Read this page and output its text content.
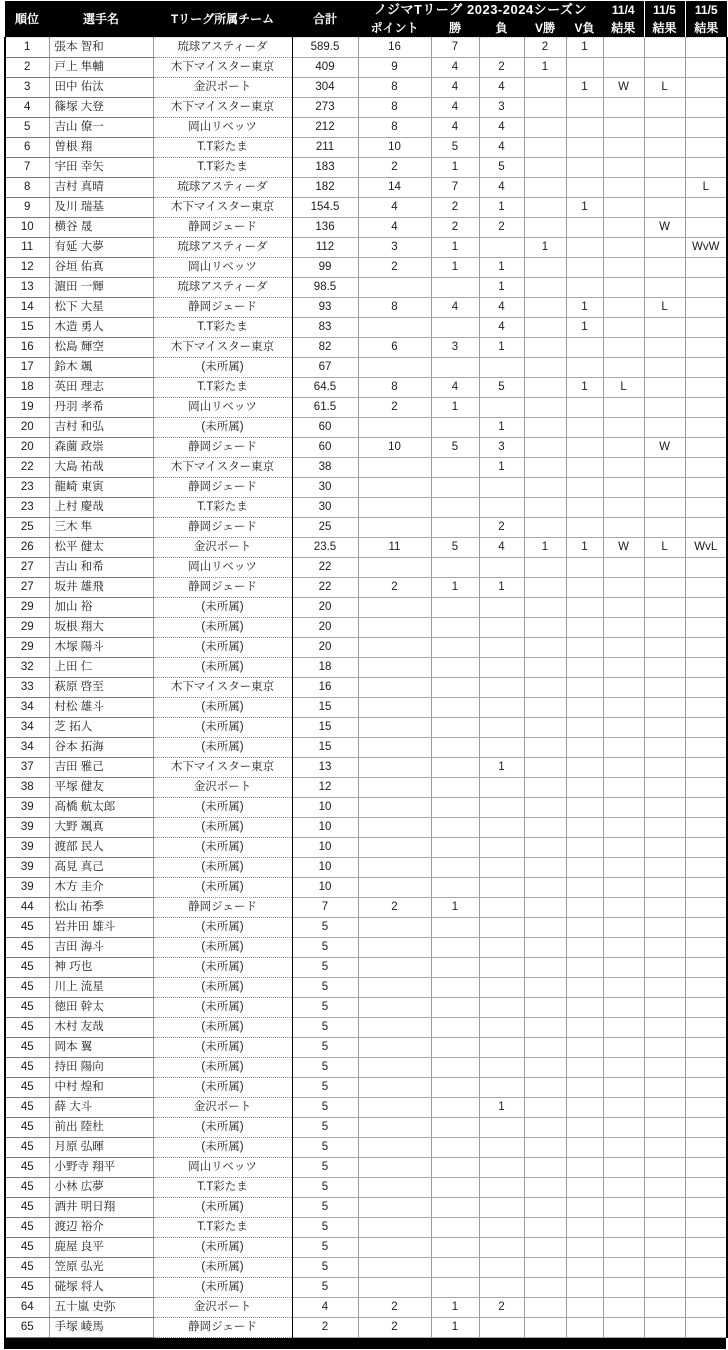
順位	選手名	Tリーグ所属チーム	合計	ノジマTリーグ 2023-2024シーズン					11/4	11/5	11/5
				ポイント	勝	負	V勝	V負	結果	結果	結果
1	張本 智和	琉球アスティーダ	589.5	16	7		2	1			
2	戸上 隼輔	木下マイスター東京	409	9	4	2	1				
3	田中 佑汰	金沢ポート	304	8	4	4		1	W	L	
4	篠塚 大登	木下マイスター東京	273	8	4	3					
5	吉山 僚一	岡山リベッツ	212	8	4	4					
6	曽根 翔	T.T彩たま	211	10	5	4					
7	宇田 幸矢	T.T彩たま	183	2	1	5					
8	吉村 真晴	琉球アスティーダ	182	14	7	4					L
9	及川 瑞基	木下マイスター東京	154.5	4	2	1		1			
10	横谷 晟	静岡ジェード	136	4	2	2				W	
11	有延 大夢	琉球アスティーダ	112	3	1		1				WvW
12	谷垣 佑真	岡山リベッツ	99	2	1	1					
13	濵田 一輝	琉球アスティーダ	98.5			1					
14	松下 大星	静岡ジェード	93	8	4	4		1		L	
15	木造 勇人	T.T彩たま	83			4		1			
16	松島 輝空	木下マイスター東京	82	6	3	1					
17	鈴木 颯	(未所属)	67								
18	英田 理志	T.T彩たま	64.5	8	4	5		1	L		
19	丹羽 孝希	岡山リベッツ	61.5	2	1						
20	吉村 和弘	(未所属)	60			1					
20	森薗 政崇	静岡ジェード	60	10	5	3				W	
22	大島 祐哉	木下マイスター東京	38			1					
23	龍崎 東寅	静岡ジェード	30								
23	上村 慶哉	T.T彩たま	30								
25	三木 隼	静岡ジェード	25			2					
26	松平 健太	金沢ポート	23.5	11	5	4	1	1	W	L	WvL
27	吉山 和希	岡山リベッツ	22								
27	坂井 雄飛	静岡ジェード	22	2	1	1					
29	加山 裕	(未所属)	20								
29	坂根 翔大	(未所属)	20								
29	木塚 陽斗	(未所属)	20								
32	上田 仁	(未所属)	18								
33	萩原 啓至	木下マイスター東京	16								
34	村松 雄斗	(未所属)	15								
34	芝 拓人	(未所属)	15								
34	谷本 拓海	(未所属)	15								
37	吉田 雅己	木下マイスター東京	13			1					
38	平塚 健友	金沢ポート	12								
39	髙橋 航太郎	(未所属)	10								
39	大野 颯真	(未所属)	10								
39	渡部 民人	(未所属)	10								
39	髙見 真己	(未所属)	10								
39	木方 圭介	(未所属)	10								
44	松山 祐季	静岡ジェード	7	2	1						
45	岩井田 雄斗	(未所属)	5								
45	吉田 海斗	(未所属)	5								
45	神 巧也	(未所属)	5								
45	川上 流星	(未所属)	5								
45	徳田 幹太	(未所属)	5								
45	木村 友哉	(未所属)	5								
45	岡本 翼	(未所属)	5								
45	持田 陽向	(未所属)	5								
45	中村 煌和	(未所属)	5								
45	薛 大斗	金沢ポート	5			1					
45	前出 陸杜	(未所属)	5								
45	月原 弘暉	(未所属)	5								
45	小野寺 翔平	岡山リベッツ	5								
45	小林 広夢	T.T彩たま	5								
45	酒井 明日翔	(未所属)	5								
45	渡辺 裕介	T.T彩たま	5								
45	鹿屋 良平	(未所属)	5								
45	笠原 弘光	(未所属)	5								
45	硴塚 将人	(未所属)	5								
64	五十嵐 史弥	金沢ポート	4	2	1	2					
65	手塚 崚馬	静岡ジェード	2	2	1						
